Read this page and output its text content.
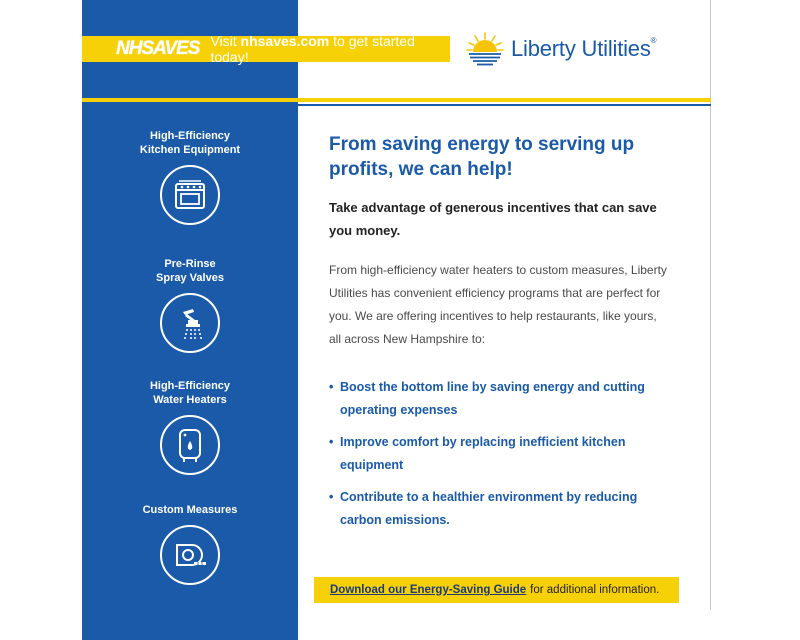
NHSAVES Visit nhsaves.com to get started today!	Liberty Utilities®
High-Efficiency
Kitchen Equipment
Pre-Rinse
Spray Valves
High-Efficiency
Water Heaters
Custom Measures
From saving energy to serving up profits, we can help!
Take advantage of generous incentives that can save you money.
From high-efficiency water heaters to custom measures, Liberty Utilities has convenient efficiency programs that are perfect for you. We are offering incentives to help restaurants, like yours, all across New Hampshire to:
• Boost the bottom line by saving energy and cutting operating expenses
• Improve comfort by replacing inefficient kitchen equipment
• Contribute to a healthier environment by reducing carbon emissions.
Download our Energy-Saving Guide for additional information.
